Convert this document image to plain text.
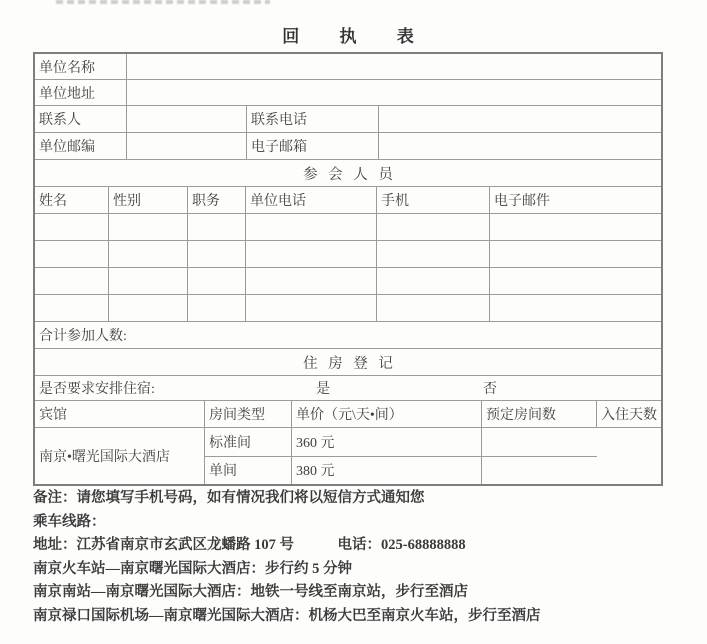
回 执 表
单位名称
单位地址
联系人	联系电话
单位邮编	电子邮箱
参 会 人 员
姓名	性别	职务	单位电话	手机	电子邮件
合计参加人数:
住 房 登 记
是否要求安排住宿:	是	否
宾馆	房间类型	单价（元\天•间）	预定房间数	入住天数
南京•曙光国际大酒店
标准间	360 元
单间	380 元
备注：请您填写手机号码，如有情况我们将以短信方式通知您
乘车线路：
地址：江苏省南京市玄武区龙蟠路 107 号　　　电话：025-68888888
南京火车站—南京曙光国际大酒店：步行约 5 分钟
南京南站—南京曙光国际大酒店：地铁一号线至南京站，步行至酒店
南京禄口国际机场—南京曙光国际大酒店：机杨大巴至南京火车站，步行至酒店
